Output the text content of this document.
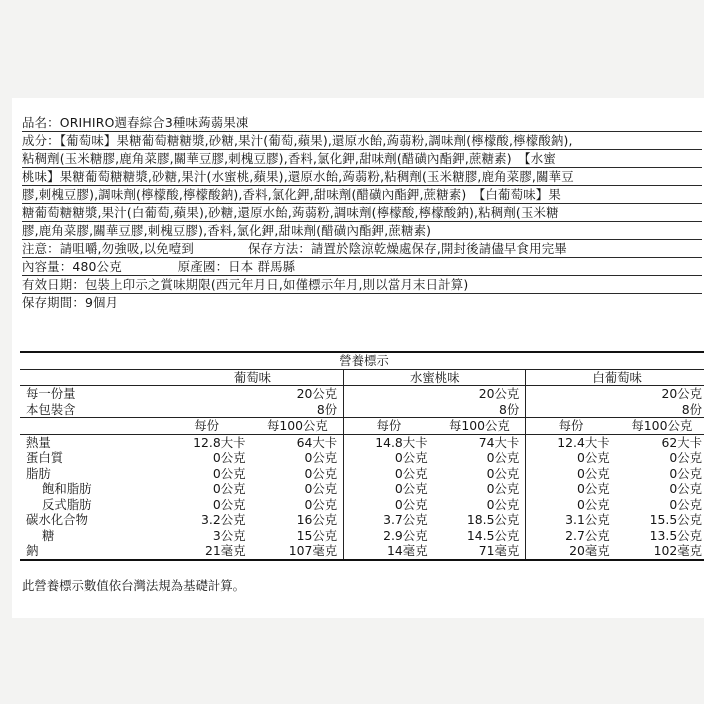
品名：ORIHIRO週春綜合3種味蒟蒻果凍
成分：【葡萄味】果糖葡萄糖糖漿,砂糖,果汁(葡萄,蘋果),還原水飴,蒟蒻粉,調味劑(檸檬酸,檸檬酸鈉),
粘稠劑(玉米糖膠,鹿角菜膠,關華豆膠,刺槐豆膠),香料,氯化鉀,甜味劑(醋磺內酯鉀,蔗糖素)　【水蜜
桃味】果糖葡萄糖糖漿,砂糖,果汁(水蜜桃,蘋果),還原水飴,蒟蒻粉,粘稠劑(玉米糖膠,鹿角菜膠,關華豆
膠,刺槐豆膠),調味劑(檸檬酸,檸檬酸鈉),香料,氯化鉀,甜味劑(醋磺內酯鉀,蔗糖素)　【白葡萄味】果
糖葡萄糖糖漿,果汁(白葡萄,蘋果),砂糖,還原水飴,蒟蒻粉,調味劑(檸檬酸,檸檬酸鈉),粘稠劑(玉米糖
膠,鹿角菜膠,關華豆膠,刺槐豆膠),香料,氯化鉀,甜味劑(醋磺內酯鉀,蔗糖素)
注意：請咀嚼,勿強吸,以免噎到	保存方法：請置於陰涼乾燥處保存,開封後請儘早食用完畢
內容量：480公克	原產國：日本 群馬縣
有效日期：包裝上印示之賞味期限(西元年月日,如僅標示年月,則以當月末日計算)
保存期間：9個月
營養標示						
	葡萄味		水蜜桃味		白葡萄味	
每一份量		20公克		20公克		20公克
本包裝含		8份		8份		8份
	每份	每100公克	每份	每100公克	每份	每100公克
熱量	12.8大卡	64大卡	14.8大卡	74大卡	12.4大卡	62大卡
蛋白質	0公克	0公克	0公克	0公克	0公克	0公克
脂肪	0公克	0公克	0公克	0公克	0公克	0公克
飽和脂肪	0公克	0公克	0公克	0公克	0公克	0公克
反式脂肪	0公克	0公克	0公克	0公克	0公克	0公克
碳水化合物	3.2公克	16公克	3.7公克	18.5公克	3.1公克	15.5公克
糖	3公克	15公克	2.9公克	14.5公克	2.7公克	13.5公克
鈉	21毫克	107毫克	14毫克	71毫克	20毫克	102毫克
此營養標示數值依台灣法規為基礎計算。
